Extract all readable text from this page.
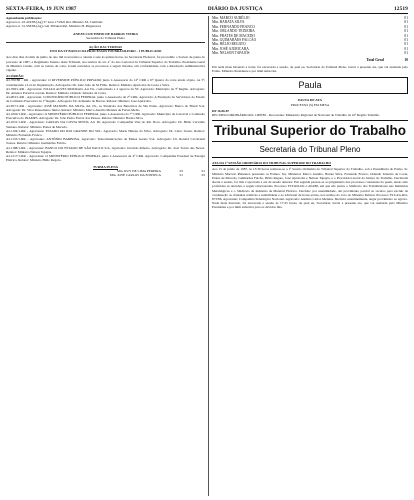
SEXTA-FEIRA, 19 JUN 1987	DIÁRIO DA JUSTIÇA	12519
Aguardando publicação:
Agravos n. 43.419/86 (Ag) 57 anos 17/06/0 Rel. Ministro M. Cambrais
Agravos n. 31.558/86 (Ag) com Tribunal Rel. Ministro H. Pidgenaves
ANEZE COUTINHO DE BARROS VIEIRA
Secretária do Tribunal Pleno
AÇÃO DAS TURMAS
UNO DA ST BANCO DA PROCESSOS EM BRASILEIRO - 1 PUBLICADO
Aos dias dias do mês de junho do ano mil novecentos e oitenta e sete às quinze horas, na Secretaria Eleitoral, foi procedido o Sorteio de pauta do processo de 1987, e Regimento Interno deste Tribunal, nos termos do art. 2º do Ato Cartorial do Tribunal Superior do Trabalho. Presidente Geral da Ministra Cunha, com as razões da corte, foram sorteados os processos a seguir listados, em conformidade com a Resolução Administrativa vigente.
ACÓRDÃO
AI-700/86 - RR - Agravante: O RIVERSIDE PÚBLICO PRIVADO junto à Assessoria da 12ª CRR e IIª Quarta da corte ainda objeto, na 5ª, considerando a Lei de Organização. Advogados: Dr. Luiz João de Sá Filho. Relator: Ministro Ajuricaba da Costa e Silva.
AI-768/1-RR - Agravante: JULIAO ALVES MOURAO, Ad. Dr., conformado a 2 agravos da ST. Agravado: Município da 3ª Região. Advogado: Dr. Antenor Portela Lacerda. Relator: Ministro Orlando Teixeira da Costa.
AI-903/1-RR - Agravante: O MUNICÍPIO PÚBLICO FEDERAL junto à Assessoria da 2ª CRR. Agravado: A Fundação de Servidores do Estado de Comissão Executiva da 1ª Região. Advogado: Dr. Armando de Barros. Relator: Ministro José Ajuricaba.
AI-957/1-RR - Agravante: JOSÉ MANOEL DA SILVA, Ad. Dr., ao Sindicato dos Bancários de São Paulo. Agravado: Banco do Brasil S/A. Advogado: Dr. Vitor Russomano Júnior. Relator: Ministro Marco Aurélio Mendes de Farias Mello.
AI-1004/1-RR - Agravante: O MINISTÉRIO PÚBLICO FEDERAL junto à Assessoria da 7ª CRR. Agravado: Município de Cascavel e Comissão Executiva do INAMPS. Advogado: Dr. João Pedro Ferraz dos Passos. Relator: Ministro Barata Silva.
AI-1051/1-RR - Agravante: CARLOS DA COSTA PINTO, Ad. Dr. Agravado: Companhia Vale do Rio Doce. Advogado: Dr. Hélio Carvalho Santana. Relator: Ministro Prates de Macedo.
AI-1104/1-RR - Agravante: ESTADO DO RIO GRANDE DO SUL. Agravado: Maria Helena da Silva. Advogado: Dr. Celso Souza. Relator: Ministro Fernando Franco.
AI-1153/1-RR - Agravante: ANTÔNIO BARBOSA. Agravado: Telecomunicações de Minas Gerais S/A. Advogado: Dr. Ronald Cavalcanti Soares. Relator: Ministro Guimarães Falcão.
AI-1188/1-RR - Agravante: BANCO DO ESTADO DE SÃO PAULO S/A. Agravado: Osvaldo Ribeiro. Advogado: Dr. José Torres das Neves. Relator: Ministro Nelson Tapajós.
AI-1217/1-RR - Agravante: O MINISTÉRIO PÚBLICO FEDERAL junto à Assessoria da 4ª CRR. Agravado: Companhia Estadual de Energia Elétrica. Relator: Ministro Hélio Regato.
TURMA PLENA
Min. RUY DE LIMA PEREIRA	03	01
Min. JOSÉ CARLOS DA FONSECA	01	03
Min. MARCO AURÉLIO	01
Min. BARATA SILVA	01
Min. FERNANDO FRANCO	01
Min. ORLANDO TEIXEIRA	01
Min. PRATES DE MACEDO	01
Min. GUIMARÃES FALCÃO	01
Min. HÉLIO REGATO	01
Min. JOSÉ AJURICABA	01
Min. NELSON TAPAJÓS	01
Total Geral	10
Em nada mais havendo a tratar, foi encerrada a sessão, da qual eu, Secretária do Tribunal Pleno, lavrei a presente ata, que vai assinada pelo Exmo. Ministro Presidente e por mim subscrita.
Paula
PAUTA DE ATA
PROCESSO (S) EM MESA
DF 16.06.87
RECURSO ORDINÁRIO RO-1.008/85 - Recorrente: Ministério Regional de Nacional de Trabalho da 10ª Região Tabelião.
Tribunal Superior do Trabalho
Secretaria do Tribunal Pleno
ATA DA 1ª SESSÃO ORDINÁRIA DO TRIBUNAL SUPERIOR DO TRABALHO
Aos 15 de junho de 1987, às 13:30 horas realizou-se a 1ª Sessão Ordinária do Tribunal Superior do Trabalho, sob a Presidência do Exmo. Sr. Ministro Marcelo Pimentel, presentes os Exmos. Srs. Ministros Marco Aurélio, Barata Silva, Fernando Franco, Orlando Teixeira da Costa, Prates de Macedo, Guimarães Falcão, Hélio Regato, José Ajuricaba e Nelson Tapajós, e o Procurador-Geral da Justiça do Trabalho. Declarada aberta a sessão, foi lida e aprovada a ata da sessão anterior. Em seguida passou-se ao julgamento dos processos constantes da pauta, tendo sido proferidas as decisões a seguir relacionadas. Processo TST-RO-DC-1.204/86, em que são partes o Sindicato dos Trabalhadores nas Indústrias Metalúrgicas e o Sindicato da Indústria de Material Elétrico. Decisão: por unanimidade, dar provimento parcial ao recurso para excluir da condenação as cláusulas relativas a estabilidade e ao adicional de horas extras, nos termos do voto do Ministro Relator. Processo TST-AG-RO-873/86, Agravante: Companhia Siderúrgica Nacional. Agravado: Antônio Carlos Mendes. Decisão: unanimemente, negar provimento ao agravo. Nada mais havendo, foi encerrada a sessão às 17:45 horas, da qual eu, Secretária, lavrei a presente ata, que vai assinada pelo Ministro Presidente e por mim subscrita para os devidos fins.
